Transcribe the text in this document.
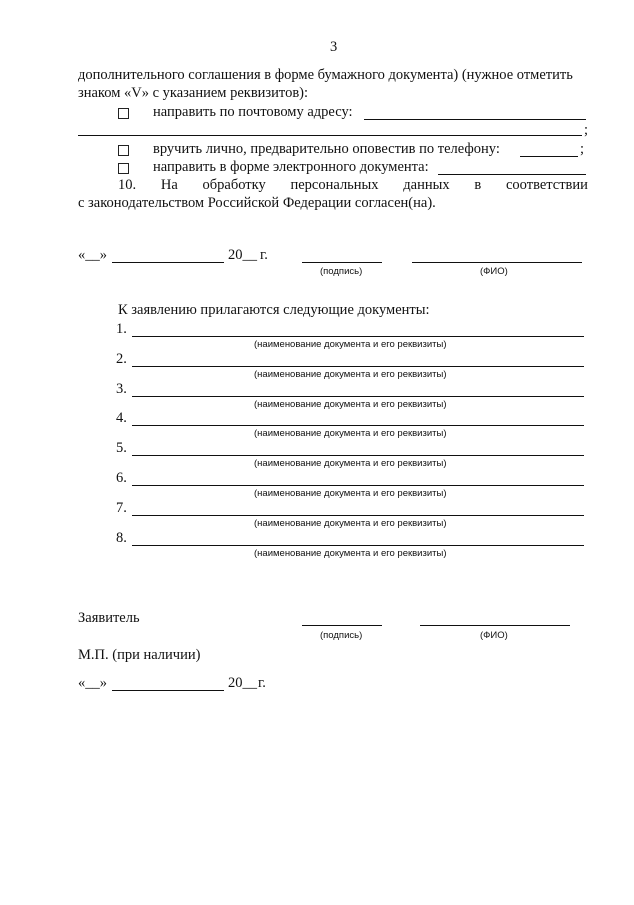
3
дополнительного соглашения в форме бумажного документа) (нужное отметить
знаком «V» с указанием реквизитов):
направить по почтовому адресу:
;
вручить лично, предварительно оповестив по телефону:	;
направить в форме электронного документа:
10. На обработку персональных данных в соответствии
с законодательством Российской Федерации согласен(на).
«__»	20__ г.
(подпись)	(ФИО)
К заявлению прилагаются следующие документы:
1.
(наименование документа и его реквизиты)
2.
(наименование документа и его реквизиты)
3.
(наименование документа и его реквизиты)
4.
(наименование документа и его реквизиты)
5.
(наименование документа и его реквизиты)
6.
(наименование документа и его реквизиты)
7.
(наименование документа и его реквизиты)
8.
(наименование документа и его реквизиты)
Заявитель
(подпись)	(ФИО)
М.П. (при наличии)
«__»	20__ г.
